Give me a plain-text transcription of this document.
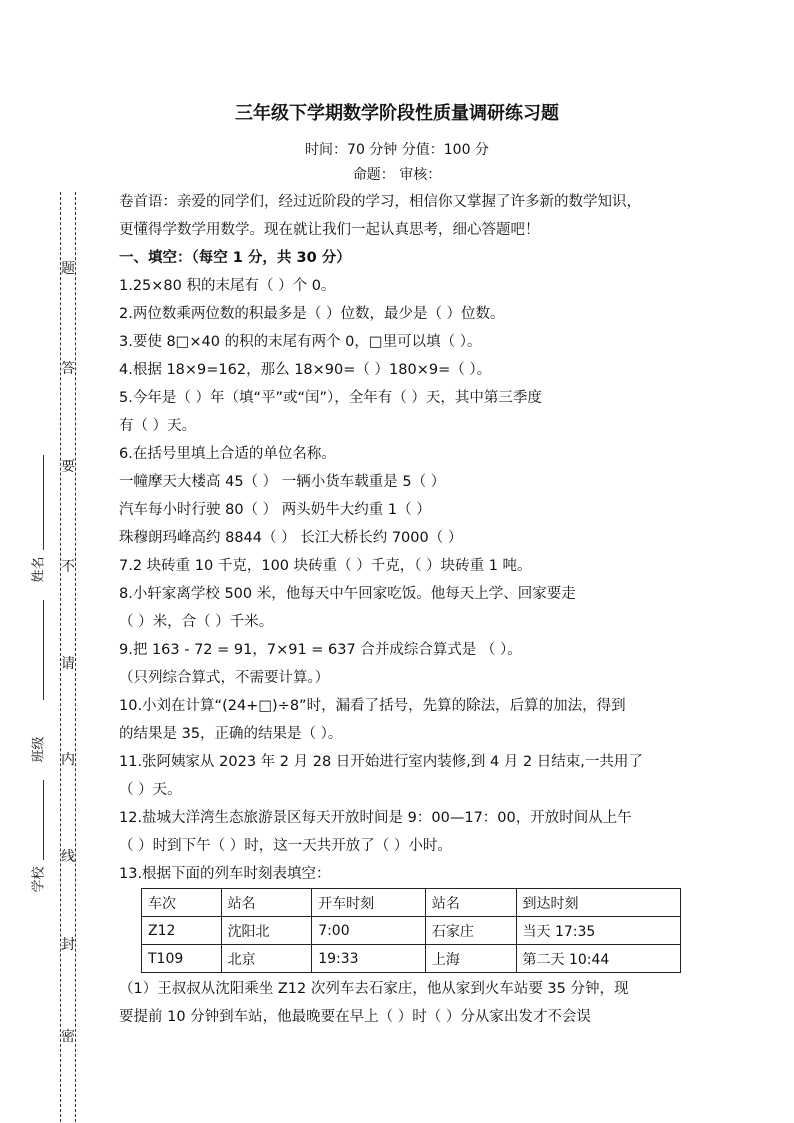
题
答
要
不
请
内
线
封
密
姓名
班级
学校
三年级下学期数学阶段性质量调研练习题
时间：70 分钟 分值：100 分
命题： 审核：
卷首语：亲爱的同学们，经过近阶段的学习，相信你又掌握了许多新的数学知识，
更懂得学数学用数学。现在就让我们一起认真思考，细心答题吧！
一、填空：（每空 1 分，共 30 分）
1.25×80 积的末尾有（ ）个 0。
2.两位数乘两位数的积最多是（ ）位数，最少是（ ）位数。
3.要使 8□×40 的积的末尾有两个 0，□里可以填（ ）。
4.根据 18×9=162，那么 18×90=（ ）180×9=（ ）。
5.今年是（ ）年（填“平”或“闰”），全年有（ ）天，其中第三季度
有（ ）天。
6.在括号里填上合适的单位名称。
一幢摩天大楼高 45（ ） 一辆小货车载重是 5（ ）
汽车每小时行驶 80（ ） 两头奶牛大约重 1（ ）
珠穆朗玛峰高约 8844（ ） 长江大桥长约 7000（ ）
7.2 块砖重 10 千克，100 块砖重（ ）千克，（ ）块砖重 1 吨。
8.小轩家离学校 500 米，他每天中午回家吃饭。他每天上学、回家要走
（ ）米，合（ ）千米。
9.把 163 - 72 = 91，7×91 = 637 合并成综合算式是 （ ）。
（只列综合算式，不需要计算。）
10.小刘在计算“(24+□)÷8”时，漏看了括号，先算的除法，后算的加法，得到
的结果是 35，正确的结果是（ ）。
11.张阿姨家从 2023 年 2 月 28 日开始进行室内装修,到 4 月 2 日结束,一共用了
（ ）天。
12.盐城大洋湾生态旅游景区每天开放时间是 9：00—17：00，开放时间从上午
（ ）时到下午（ ）时，这一天共开放了（ ）小时。
13.根据下面的列车时刻表填空：
车次	站名	开车时刻	站名	到达时刻
Z12	沈阳北	7:00	石家庄	当天 17:35
T109	北京	19:33	上海	第二天 10:44
（1）王叔叔从沈阳乘坐 Z12 次列车去石家庄，他从家到火车站要 35 分钟，现
要提前 10 分钟到车站，他最晚要在早上（ ）时（ ）分从家出发才不会误
